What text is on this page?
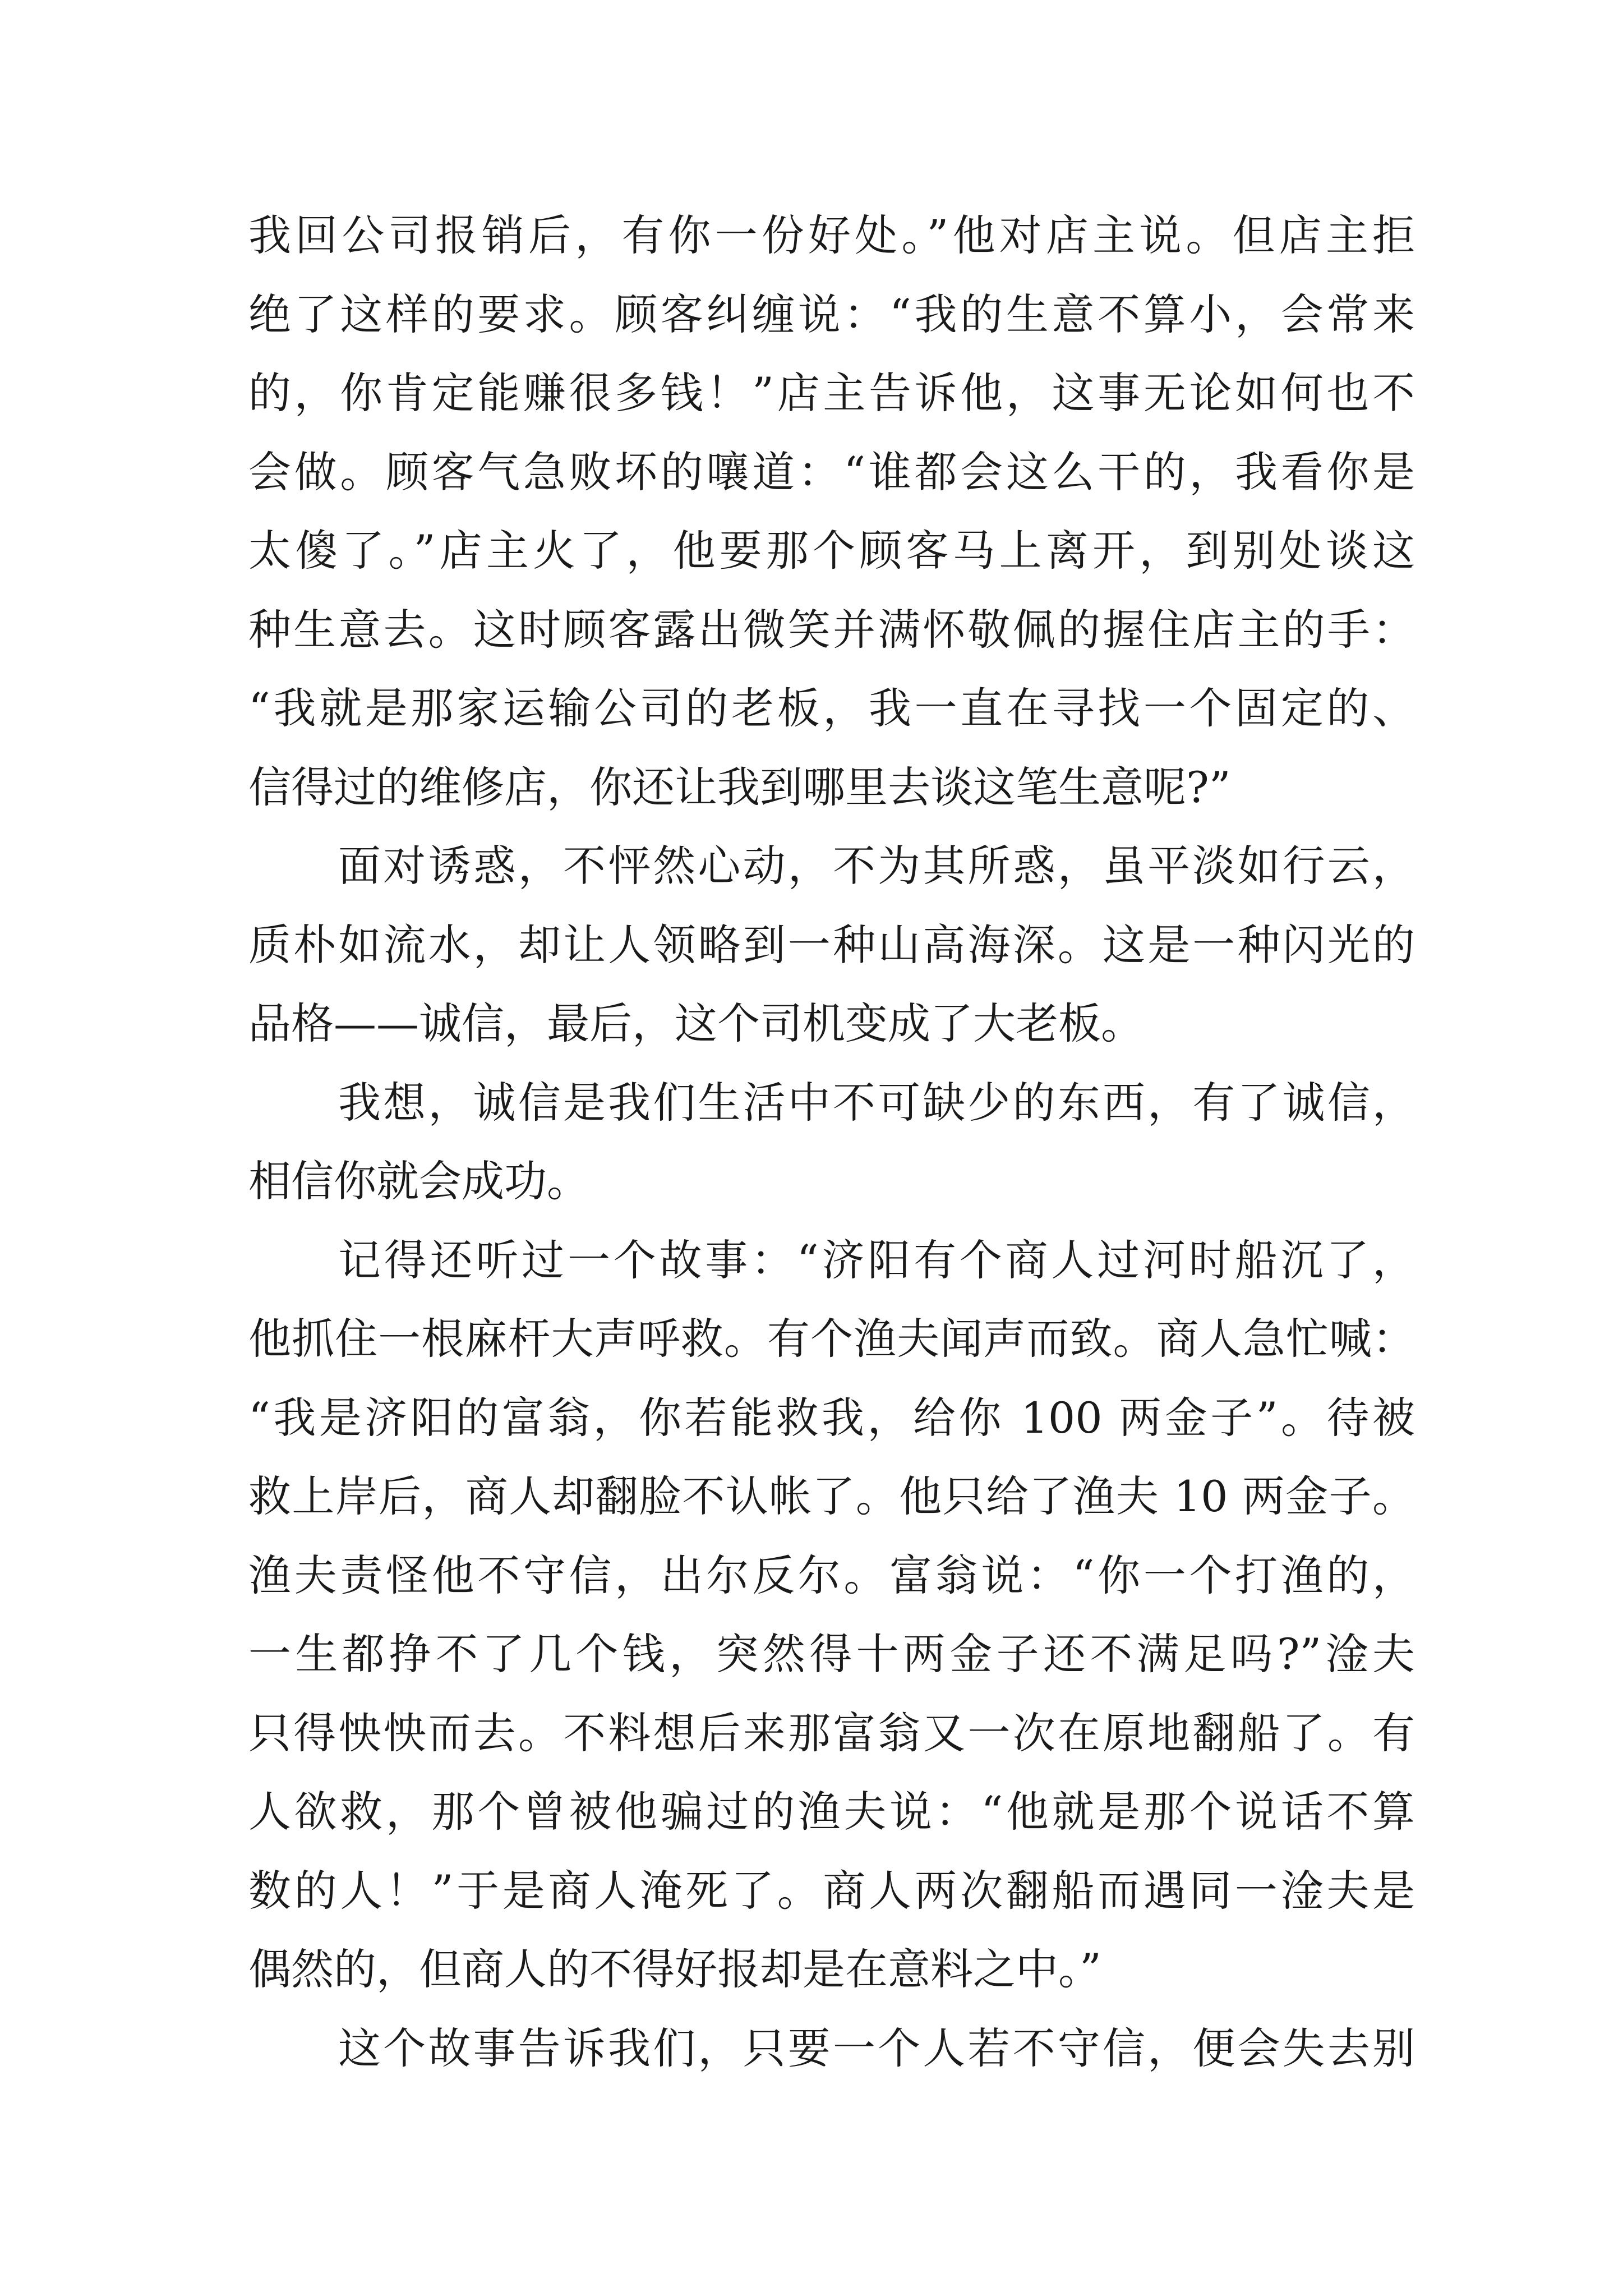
我回公司报销后，有你一份好处。”他对店主说。但店主拒
绝了这样的要求。顾客纠缠说：“我的生意不算小，会常来
的，你肯定能赚很多钱！”店主告诉他，这事无论如何也不
会做。顾客气急败坏的嚷道：“谁都会这么干的，我看你是
太傻了。”店主火了，他要那个顾客马上离开，到别处谈这
种生意去。这时顾客露出微笑并满怀敬佩的握住店主的手：
“我就是那家运输公司的老板，我一直在寻找一个固定的、
信得过的维修店，你还让我到哪里去谈这笔生意呢?”
面对诱惑，不怦然心动，不为其所惑，虽平淡如行云，
质朴如流水，却让人领略到一种山高海深。这是一种闪光的
品格——诚信，最后，这个司机变成了大老板。
我想，诚信是我们生活中不可缺少的东西，有了诚信，
相信你就会成功。
记得还听过一个故事：“济阳有个商人过河时船沉了，
他抓住一根麻杆大声呼救。有个渔夫闻声而致。商人急忙喊：
“我是济阳的富翁，你若能救我，给你 100 两金子”。待被
救上岸后，商人却翻脸不认帐了。他只给了渔夫 10 两金子。
渔夫责怪他不守信，出尔反尔。富翁说：“你一个打渔的，
一生都挣不了几个钱，突然得十两金子还不满足吗?”淦夫
只得怏怏而去。不料想后来那富翁又一次在原地翻船了。有
人欲救，那个曾被他骗过的渔夫说：“他就是那个说话不算
数的人！”于是商人淹死了。商人两次翻船而遇同一淦夫是
偶然的，但商人的不得好报却是在意料之中。”
这个故事告诉我们，只要一个人若不守信，便会失去别
